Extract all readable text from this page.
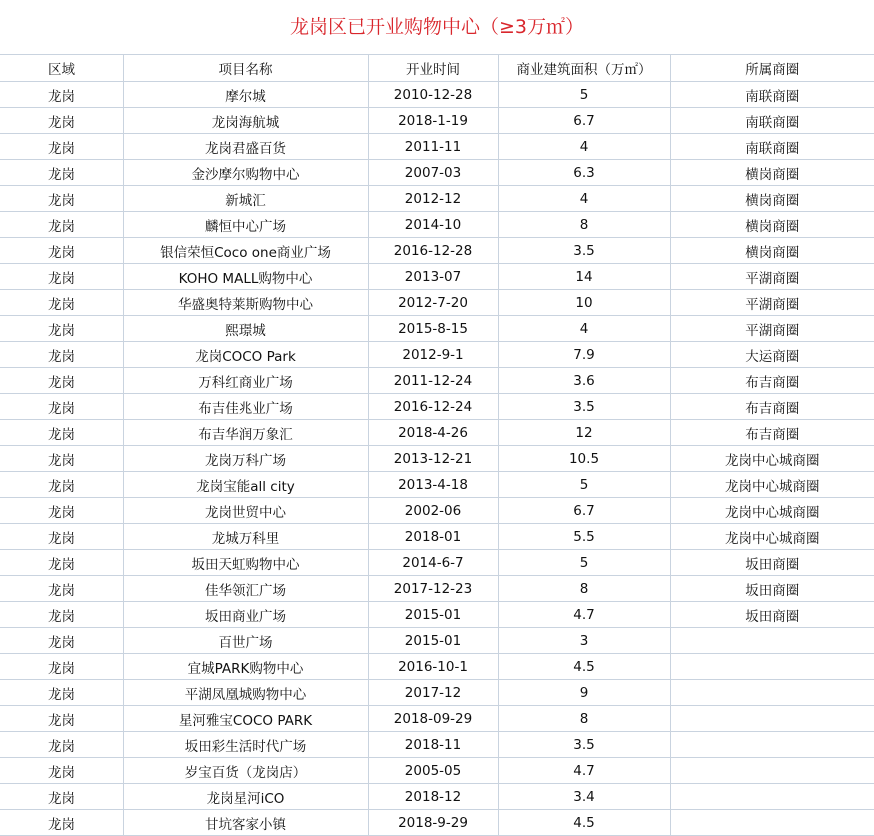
龙岗区已开业购物中心（≥3万㎡）
区域	项目名称	开业时间	商业建筑面积（万㎡）	所属商圈
龙岗	摩尔城	2010-12-28	5	南联商圈
龙岗	龙岗海航城	2018-1-19	6.7	南联商圈
龙岗	龙岗君盛百货	2011-11	4	南联商圈
龙岗	金沙摩尔购物中心	2007-03	6.3	横岗商圈
龙岗	新城汇	2012-12	4	横岗商圈
龙岗	麟恒中心广场	2014-10	8	横岗商圈
龙岗	银信荣恒Coco one商业广场	2016-12-28	3.5	横岗商圈
龙岗	KOHO MALL购物中心	2013-07	14	平湖商圈
龙岗	华盛奥特莱斯购物中心	2012-7-20	10	平湖商圈
龙岗	熙璟城	2015-8-15	4	平湖商圈
龙岗	龙岗COCO Park	2012-9-1	7.9	大运商圈
龙岗	万科红商业广场	2011-12-24	3.6	布吉商圈
龙岗	布吉佳兆业广场	2016-12-24	3.5	布吉商圈
龙岗	布吉华润万象汇	2018-4-26	12	布吉商圈
龙岗	龙岗万科广场	2013-12-21	10.5	龙岗中心城商圈
龙岗	龙岗宝能all city	2013-4-18	5	龙岗中心城商圈
龙岗	龙岗世贸中心	2002-06	6.7	龙岗中心城商圈
龙岗	龙城万科里	2018-01	5.5	龙岗中心城商圈
龙岗	坂田天虹购物中心	2014-6-7	5	坂田商圈
龙岗	佳华领汇广场	2017-12-23	8	坂田商圈
龙岗	坂田商业广场	2015-01	4.7	坂田商圈
龙岗	百世广场	2015-01	3	
龙岗	宜城PARK购物中心	2016-10-1	4.5	
龙岗	平湖凤凰城购物中心	2017-12	9	
龙岗	星河雅宝COCO PARK	2018-09-29	8	
龙岗	坂田彩生活时代广场	2018-11	3.5	
龙岗	岁宝百货（龙岗店）	2005-05	4.7	
龙岗	龙岗星河iCO	2018-12	3.4	
龙岗	甘坑客家小镇	2018-9-29	4.5	
